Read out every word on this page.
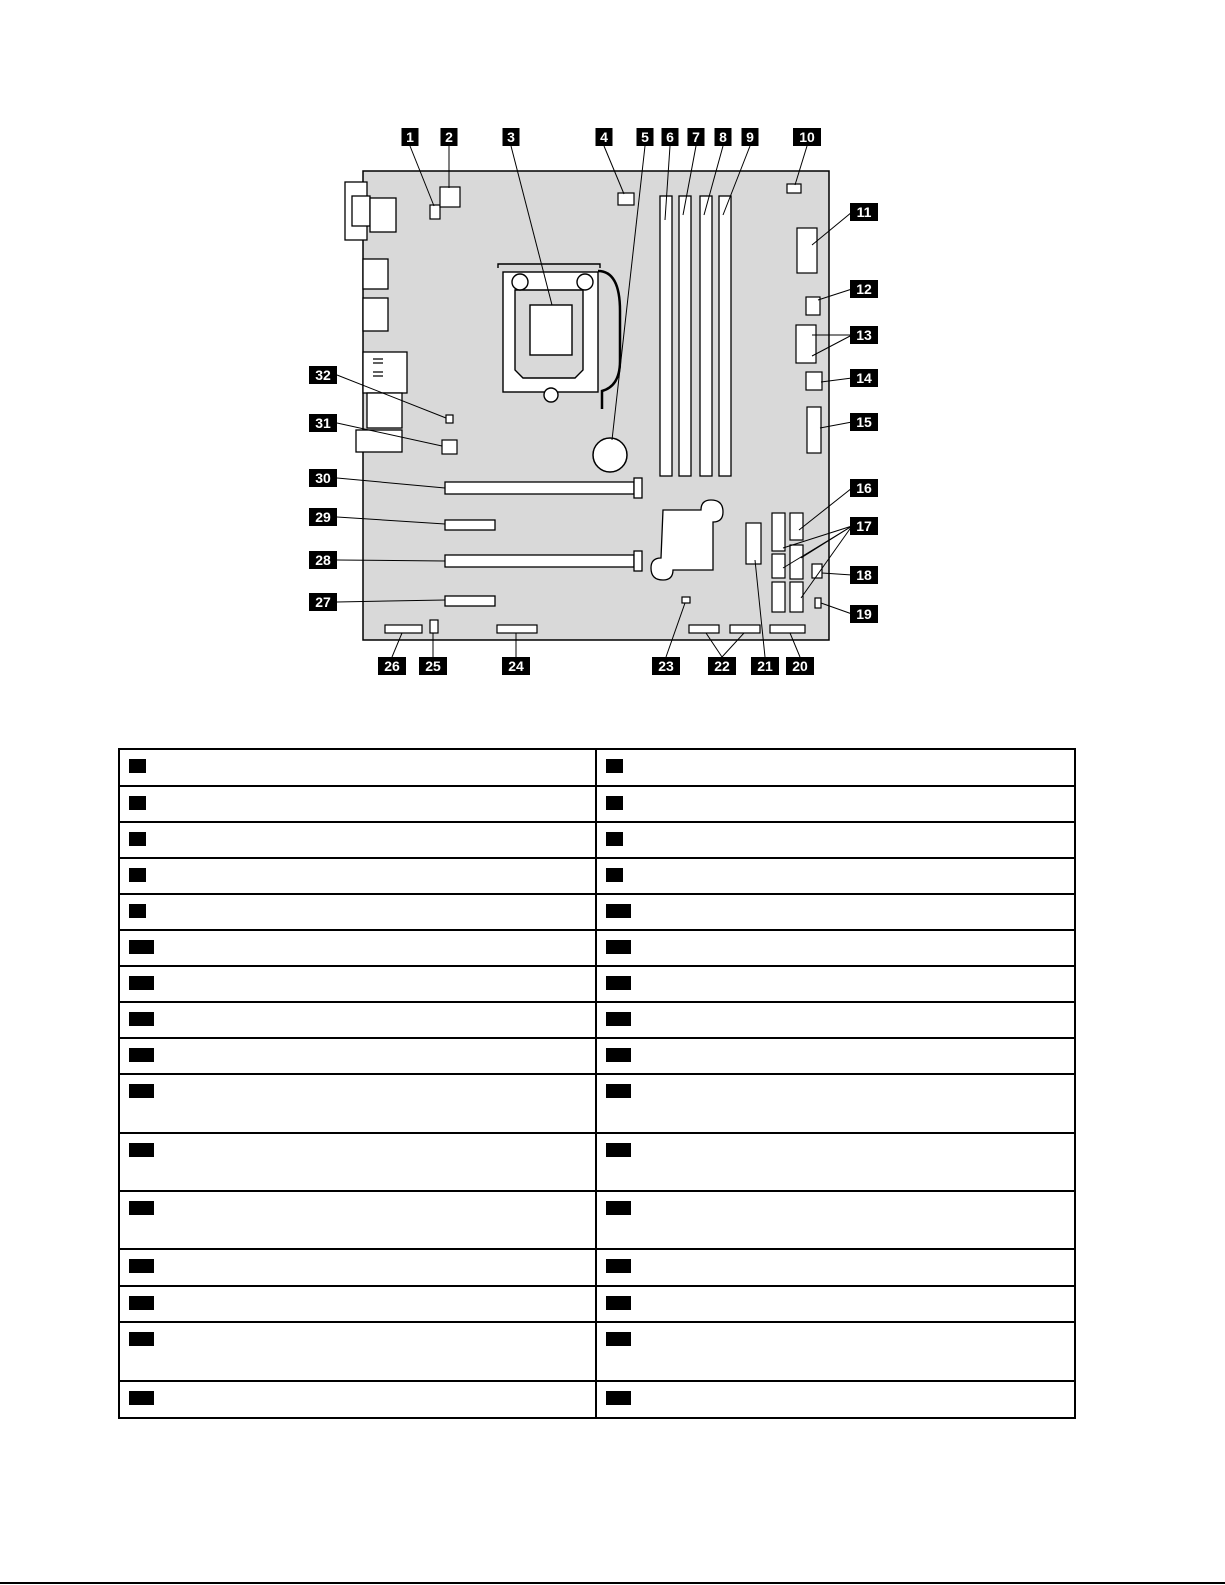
1 2	3	4 5 6 7 8 9	10
11
12
13
14
15
16
17
18
19
20
21
22
23
24
25
26
27
28
29
30
31
32
1	2

3	4

5	6

7	8

9	10

11	12

13	14

15	16

17	18

19	20

21	22

23	24

25	26

27	28

29	30

31	32
